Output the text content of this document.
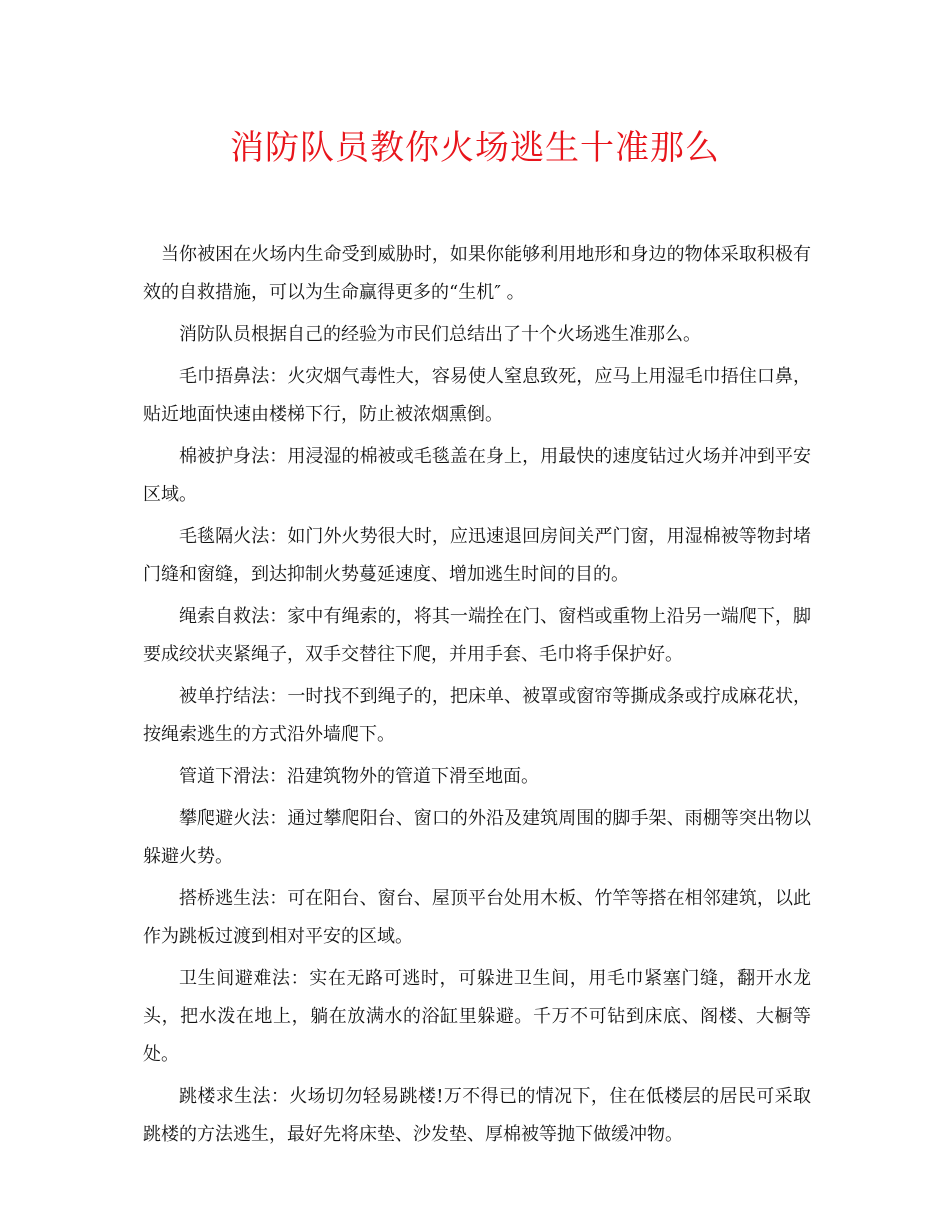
消防队员教你火场逃生十准那么

当你被困在火场内生命受到威胁时，如果你能够利用地形和身边的物体采取积极有效的自救措施，可以为生命赢得更多的“生机″ 。

消防队员根据自己的经验为市民们总结出了十个火场逃生准那么。

毛巾捂鼻法：火灾烟气毒性大，容易使人窒息致死，应马上用湿毛巾捂住口鼻，贴近地面快速由楼梯下行，防止被浓烟熏倒。

棉被护身法：用浸湿的棉被或毛毯盖在身上，用最快的速度钻过火场并冲到平安区域。

毛毯隔火法：如门外火势很大时，应迅速退回房间关严门窗，用湿棉被等物封堵门缝和窗缝，到达抑制火势蔓延速度、增加逃生时间的目的。

绳索自救法：家中有绳索的，将其一端拴在门、窗档或重物上沿另一端爬下，脚要成绞状夹紧绳子，双手交替往下爬，并用手套、毛巾将手保护好。

被单拧结法：一时找不到绳子的，把床单、被罩或窗帘等撕成条或拧成麻花状，按绳索逃生的方式沿外墙爬下。

管道下滑法：沿建筑物外的管道下滑至地面。

攀爬避火法：通过攀爬阳台、窗口的外沿及建筑周围的脚手架、雨棚等突出物以躲避火势。

搭桥逃生法：可在阳台、窗台、屋顶平台处用木板、竹竿等搭在相邻建筑，以此作为跳板过渡到相对平安的区域。

卫生间避难法：实在无路可逃时，可躲进卫生间，用毛巾紧塞门缝，翻开水龙头，把水泼在地上，躺在放满水的浴缸里躲避。千万不可钻到床底、阁楼、大橱等处。

跳楼求生法：火场切勿轻易跳楼!万不得已的情况下，住在低楼层的居民可采取跳楼的方法逃生，最好先将床垫、沙发垫、厚棉被等抛下做缓冲物。
